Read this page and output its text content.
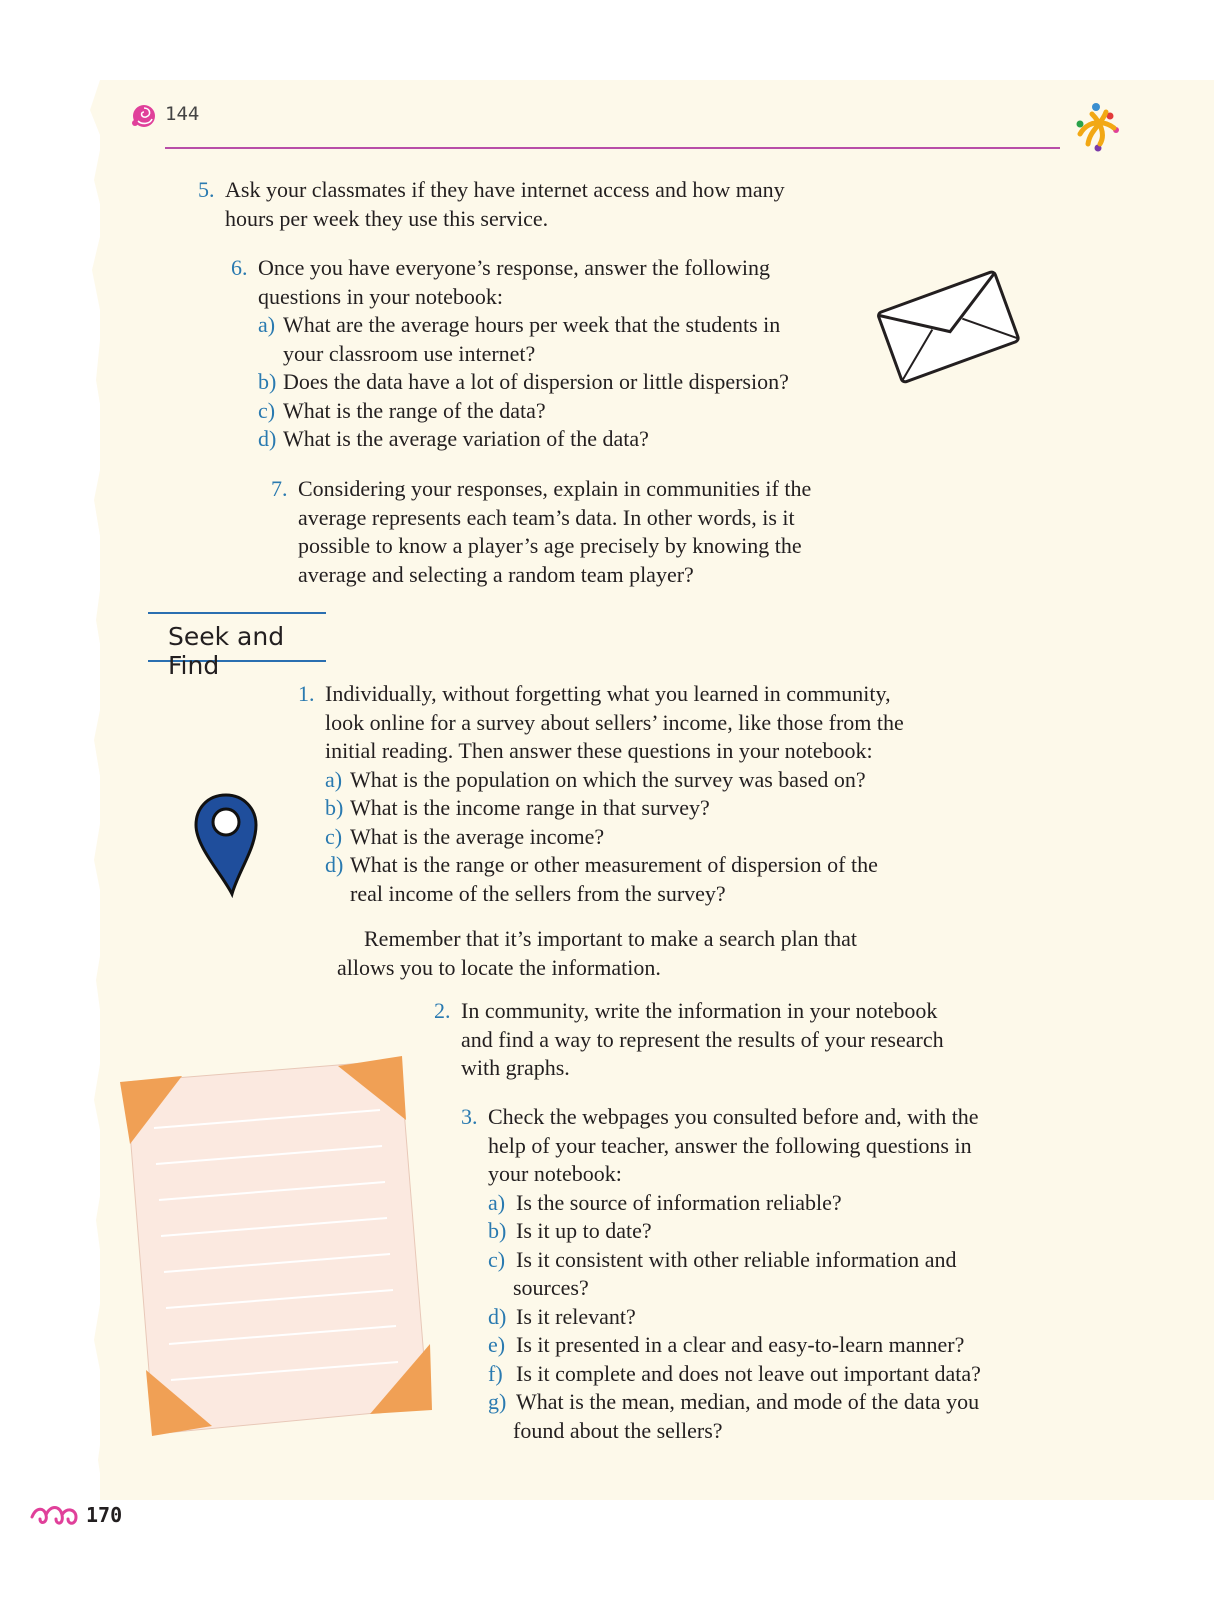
144
5. Ask your classmates if they have internet access and how many
hours per week they use this service.
6. Once you have everyone’s response, answer the following
questions in your notebook:
a) What are the average hours per week that the students in
your classroom use internet?
b) Does the data have a lot of dispersion or little dispersion?
c) What is the range of the data?
d) What is the average variation of the data?
7. Considering your responses, explain in communities if the
average represents each team’s data. In other words, is it
possible to know a player’s age precisely by knowing the
average and selecting a random team player?
Seek and Find
1. Individually, without forgetting what you learned in community,
look online for a survey about sellers’ income, like those from the
initial reading. Then answer these questions in your notebook:
a) What is the population on which the survey was based on?
b) What is the income range in that survey?
c) What is the average income?
d) What is the range or other measurement of dispersion of the
real income of the sellers from the survey?
Remember that it’s important to make a search plan that
allows you to locate the information.
2. In community, write the information in your notebook
and find a way to represent the results of your research
with graphs.
3. Check the webpages you consulted before and, with the
help of your teacher, answer the following questions in
your notebook:
a) Is the source of information reliable?
b) Is it up to date?
c) Is it consistent with other reliable information and
sources?
d) Is it relevant?
e) Is it presented in a clear and easy-to-learn manner?
f) Is it complete and does not leave out important data?
g) What is the mean, median, and mode of the data you
found about the sellers?
170
